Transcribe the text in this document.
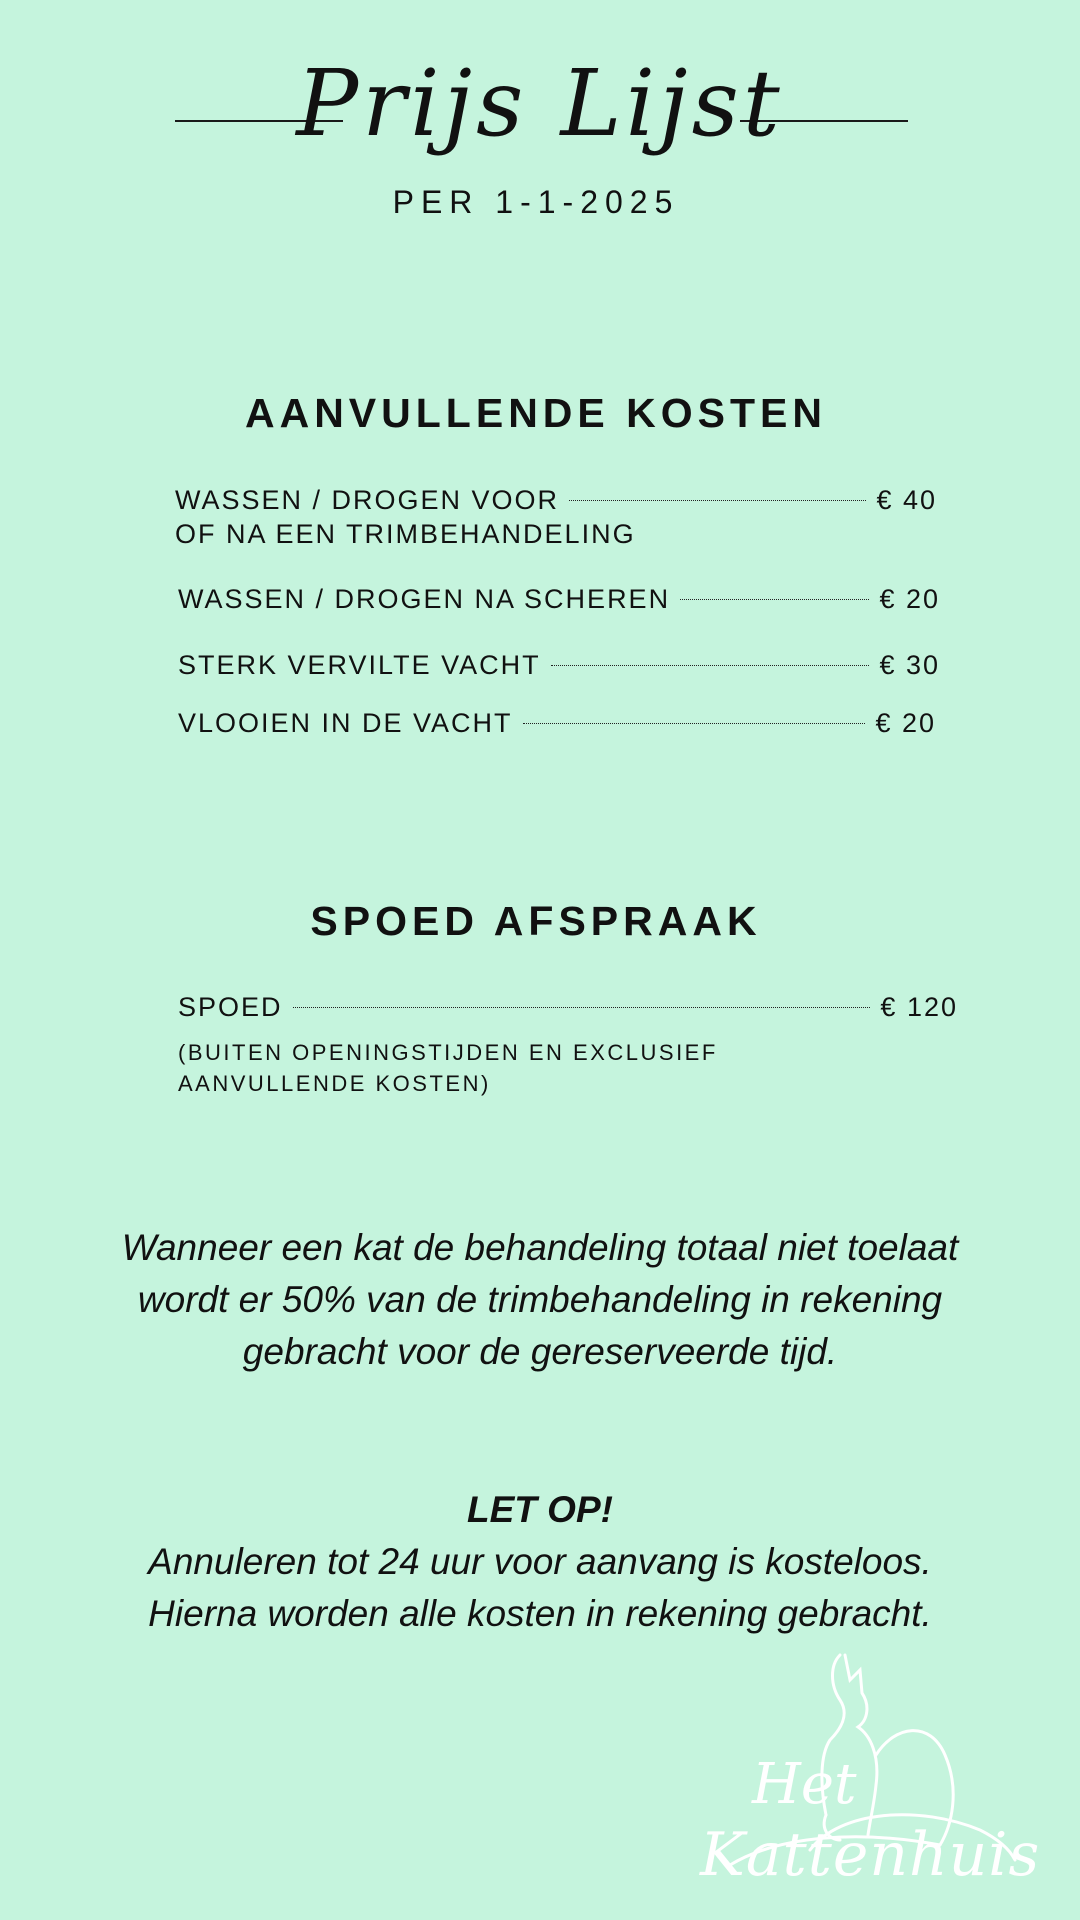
Prijs Lijst
PER 1-1-2025
AANVULLENDE KOSTEN
WASSEN / DROGEN VOOR	€ 40
OF NA EEN TRIMBEHANDELING
WASSEN / DROGEN NA SCHEREN	€ 20
STERK VERVILTE VACHT	€ 30
VLOOIEN IN DE VACHT	€ 20
SPOED AFSPRAAK
SPOED	€ 120
(BUITEN OPENINGSTIJDEN EN EXCLUSIEF AANVULLENDE KOSTEN)
Wanneer een kat de behandeling totaal niet toelaat wordt er 50% van de trimbehandeling in rekening gebracht voor de gereserveerde tijd.
LET OP!
Annuleren tot 24 uur voor aanvang is kosteloos.
Hierna worden alle kosten in rekening gebracht.
Het
Kattenhuis
